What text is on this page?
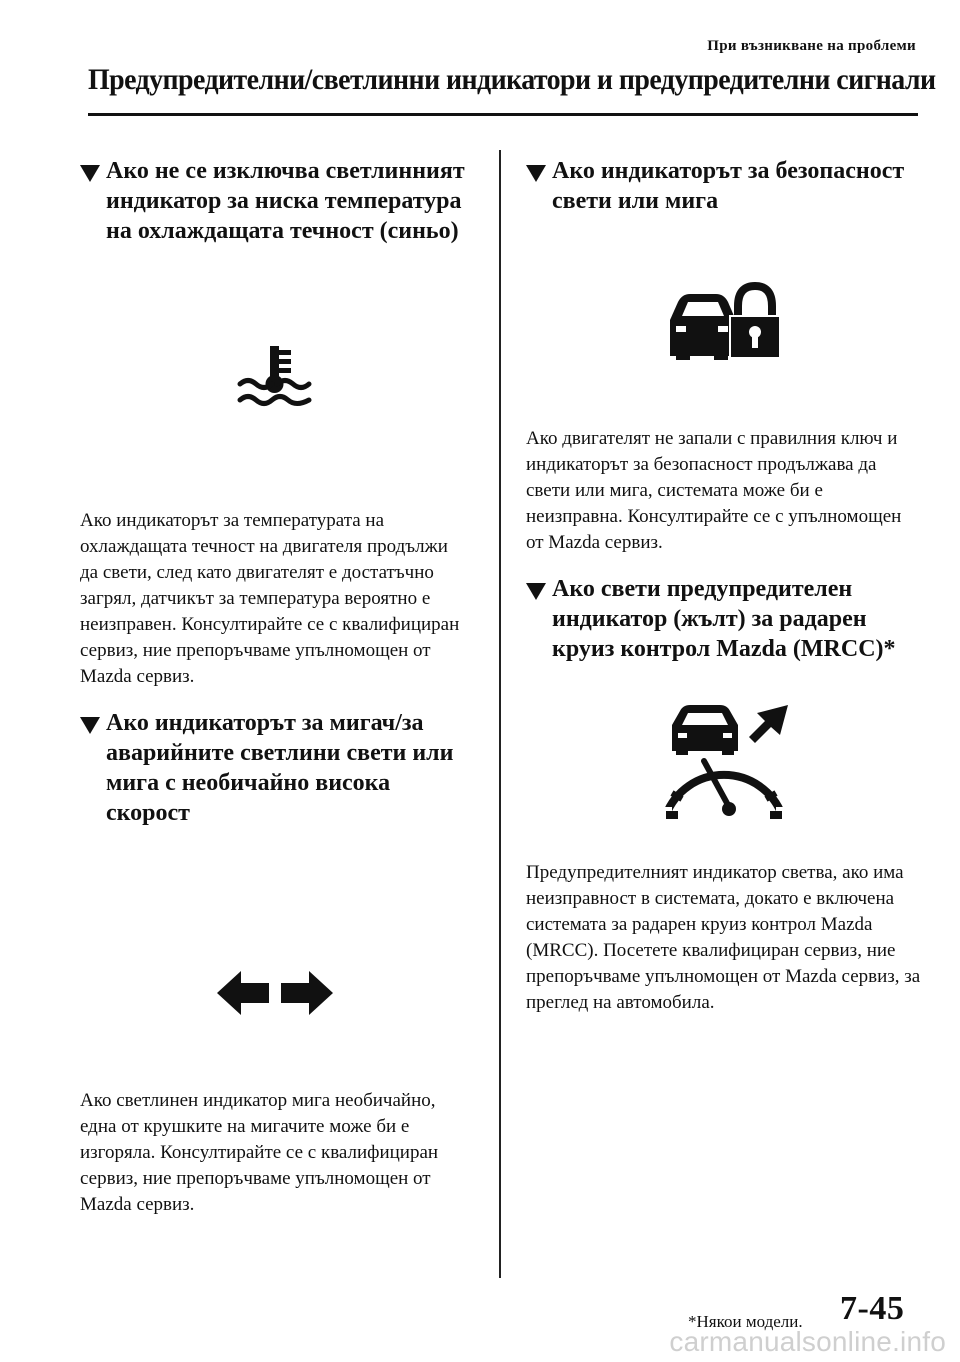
При възникване на проблеми
Предупредителни/светлинни индикатори и предупредителни сигнали
Ако не се изключва светлинният индикатор за ниска температура на охлаждащата течност (синьо)

Ако индикаторът за температурата на охлаждащата течност на двигателя продължи да свети, след като двигателят е достатъчно загрял, датчикът за температура вероятно е неизправен. Консултирайте се с квалифициран сервиз, ние препоръчваме упълномощен от Mazda сервиз.

Ако индикаторът за мигач/за аварийните светлини свети или мига с необичайно висока скорост

Ако светлинен индикатор мига необичайно, една от крушките на мигачите може би е изгоряла. Консултирайте се с квалифициран сервиз, ние препоръчваме упълномощен от Mazda сервиз.

Ако индикаторът за безопасност свети или мига

Ако двигателят не запали с правилния ключ и индикаторът за безопасност продължава да свети или мига, системата може би е неизправна. Консултирайте се с упълномощен от Mazda сервиз.

Ако свети предупредителен индикатор (жълт) за радарен круиз контрол Mazda (MRCC)*

Предупредителният индикатор светва, ако има неизправност в системата, докато е включена системата за радарен круиз контрол Mazda (MRCC). Посетете квалифициран сервиз, ние препоръчваме упълномощен от Mazda сервиз, за преглед на автомобила.

*Някои модели. 7-45
carmanualsonline.info
